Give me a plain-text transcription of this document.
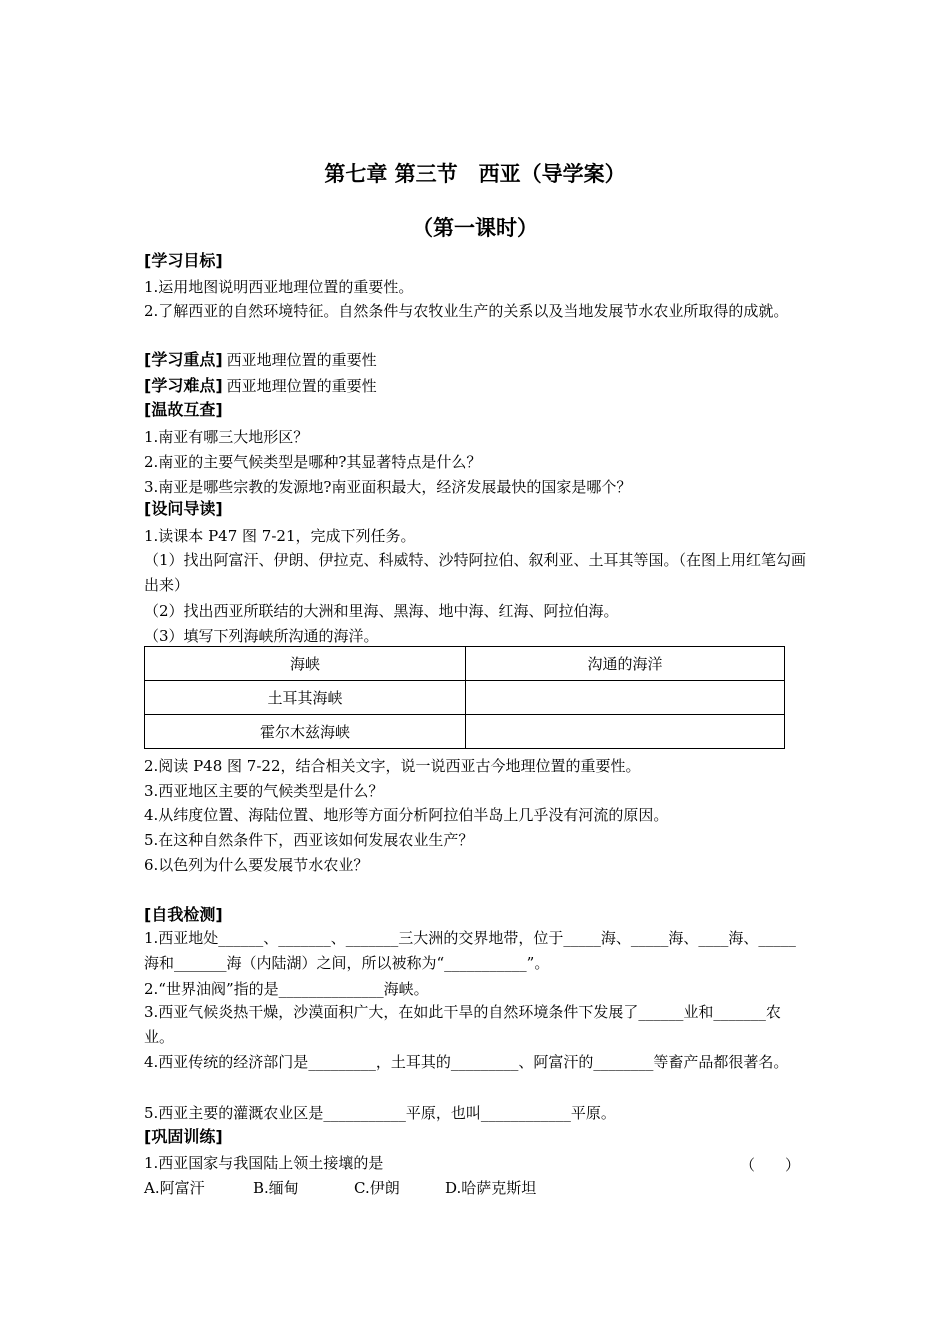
第七章 第三节　西亚（导学案）
（第一课时）
[学习目标]
1.运用地图说明西亚地理位置的重要性。
2.了解西亚的自然环境特征。自然条件与农牧业生产的关系以及当地发展节水农业所取得的成就。
[学习重点] 西亚地理位置的重要性
[学习难点] 西亚地理位置的重要性
[温故互查]
1.南亚有哪三大地形区？
2.南亚的主要气候类型是哪种?其显著特点是什么？
3.南亚是哪些宗教的发源地?南亚面积最大，经济发展最快的国家是哪个？
[设问导读]
1.读课本 P47 图 7-21，完成下列任务。
（1）找出阿富汗、伊朗、伊拉克、科威特、沙特阿拉伯、叙利亚、土耳其等国。（在图上用红笔勾画出来）
（2）找出西亚所联结的大洲和里海、黑海、地中海、红海、阿拉伯海。
（3）填写下列海峡所沟通的海洋。
海峡	沟通的海洋
土耳其海峡	
霍尔木兹海峡	
2.阅读 P48 图 7-22，结合相关文字，说一说西亚古今地理位置的重要性。
3.西亚地区主要的气候类型是什么？
4.从纬度位置、海陆位置、地形等方面分析阿拉伯半岛上几乎没有河流的原因。
5.在这种自然条件下，西亚该如何发展农业生产？
6.以色列为什么要发展节水农业？
[自我检测]
1.西亚地处______、_______、_______三大洲的交界地带，位于_____海、_____海、____海、_____海和_______海（内陆湖）之间，所以被称为“___________”。
2.“世界油阀”指的是______________海峡。
3.西亚气候炎热干燥，沙漠面积广大，在如此干旱的自然环境条件下发展了______业和_______农业。
4.西亚传统的经济部门是_________，土耳其的_________、阿富汗的________等畜产品都很著名。
5.西亚主要的灌溉农业区是___________平原，也叫____________平原。
[巩固训练]
1.西亚国家与我国陆上领土接壤的是	（　　）
A.阿富汗	B.缅甸	C.伊朗	D.哈萨克斯坦
